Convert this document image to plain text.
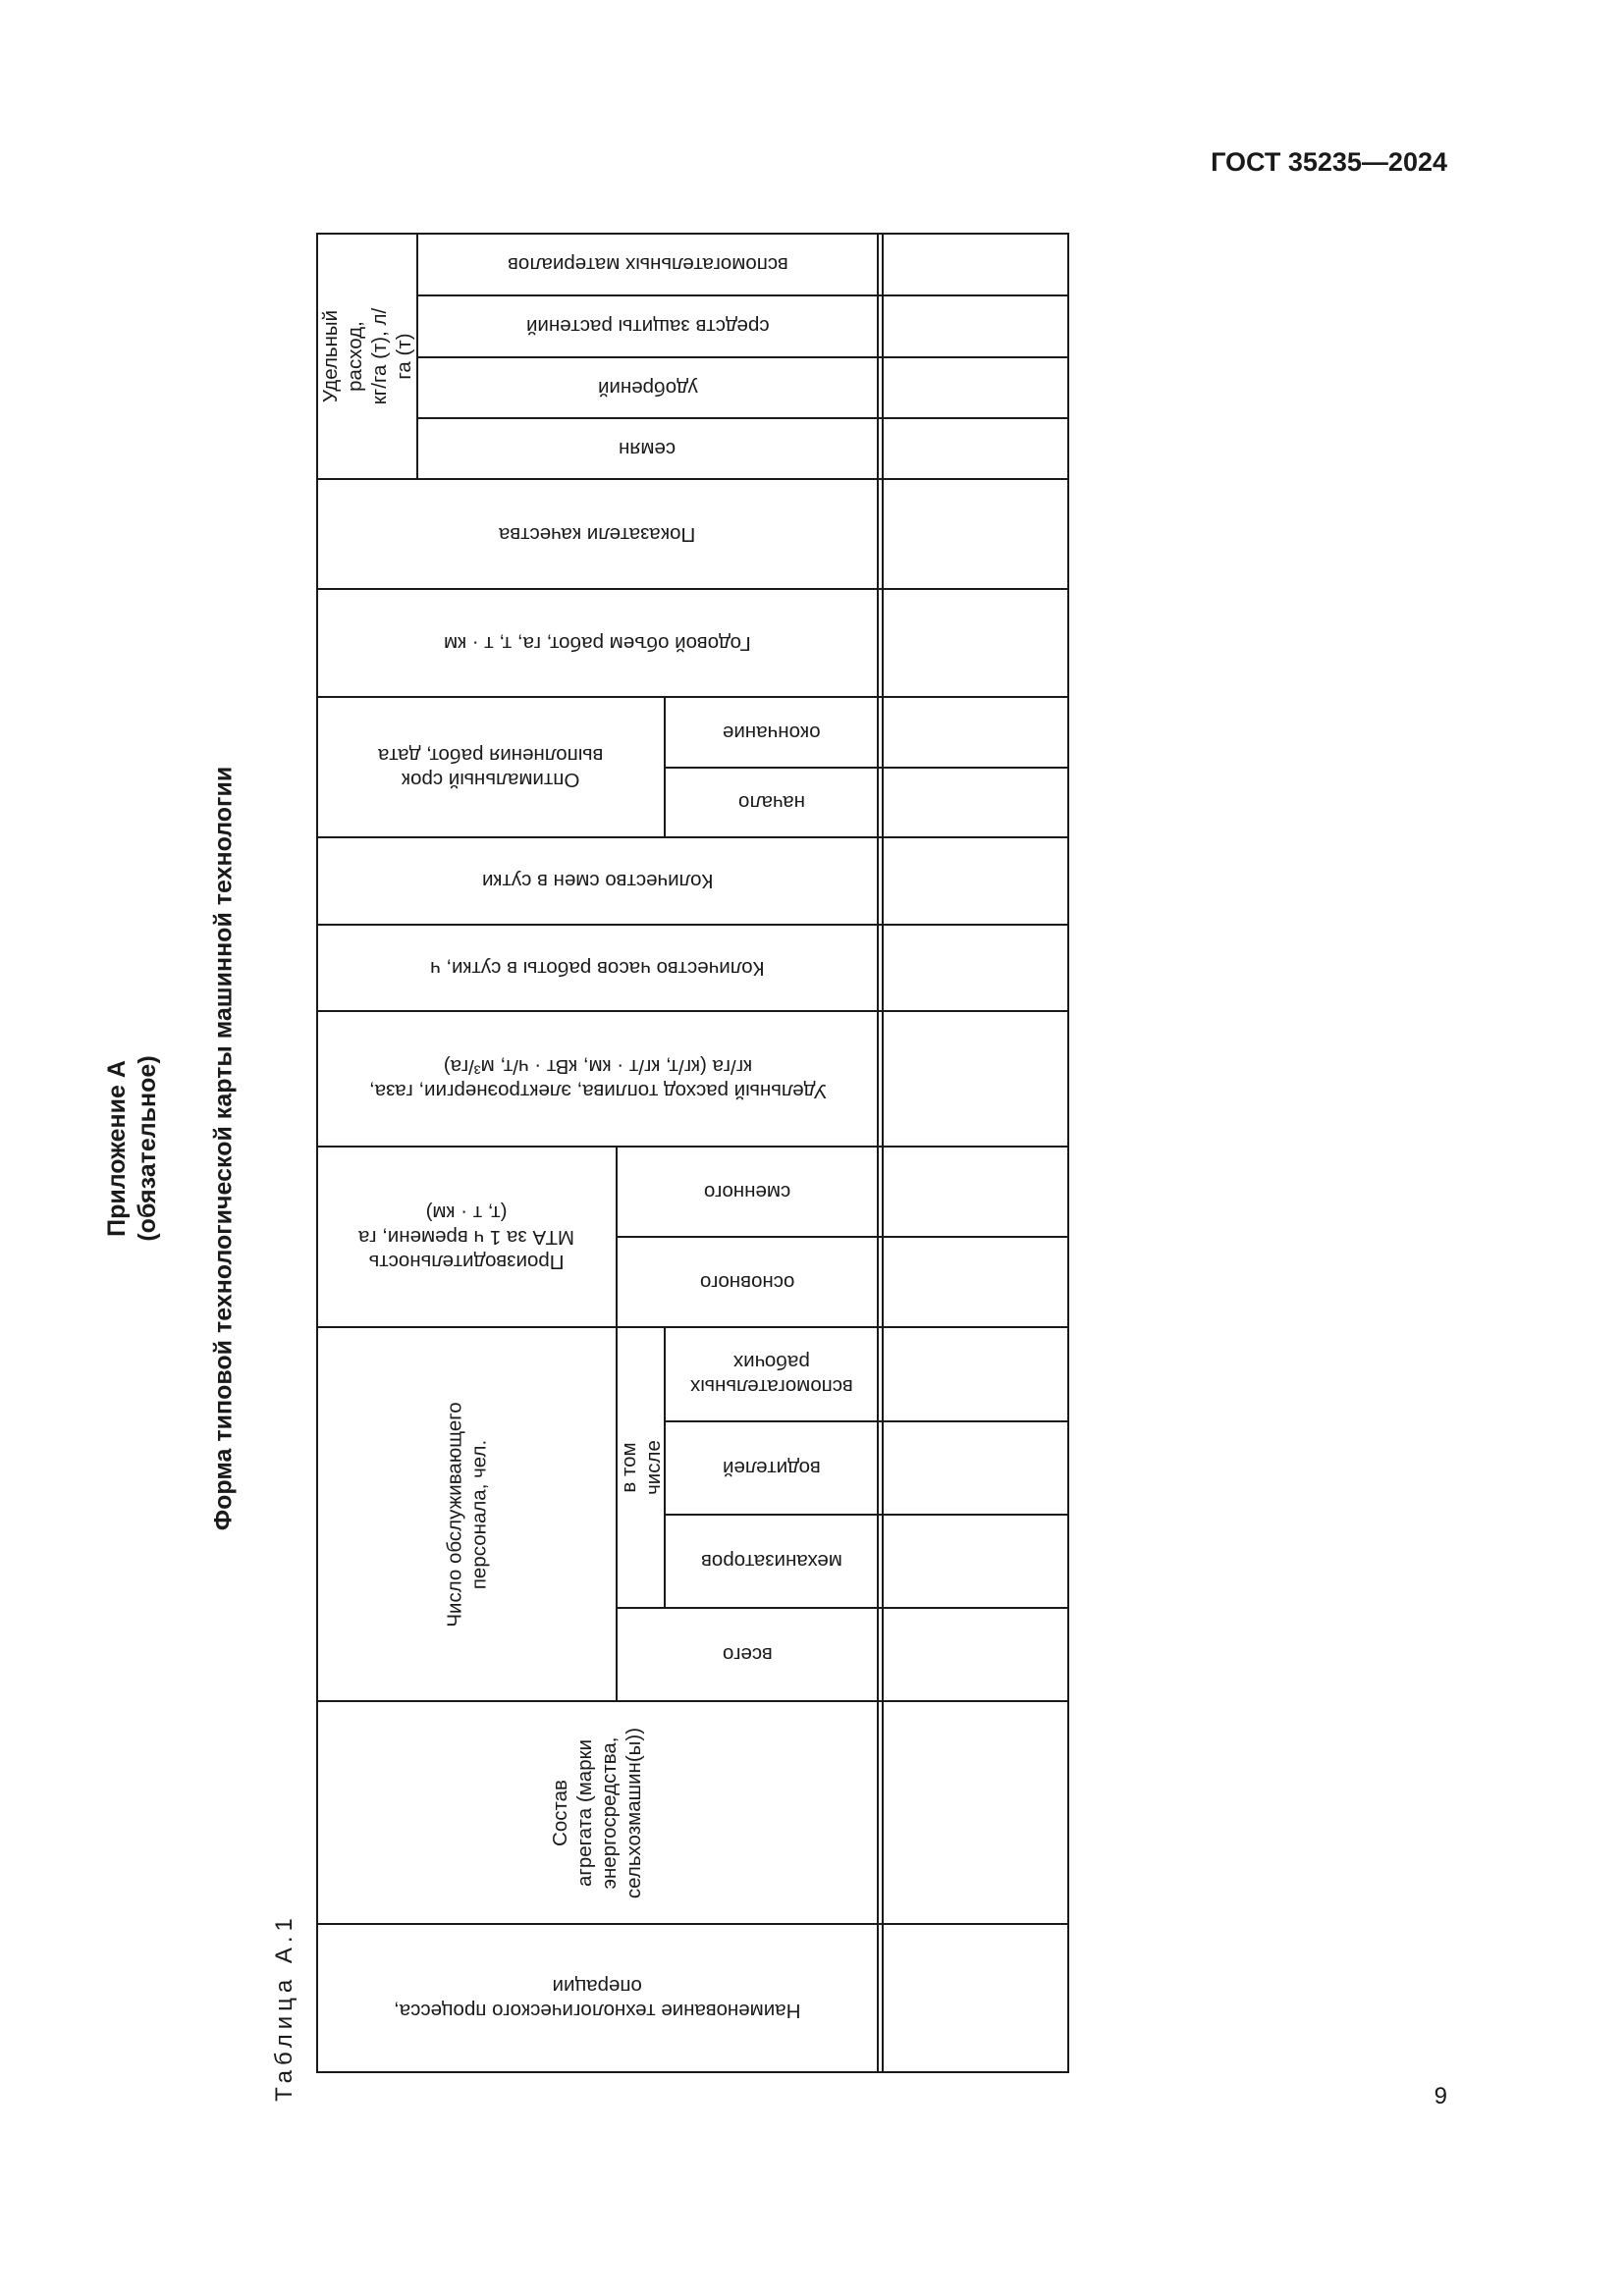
ГОСТ 35235—2024
Приложение А (обязательное) Форма типовой технологической карты машинной технологии
Таблица А.1
Удельный расход,
кг/га (т), л/га (т)
вспомогательных материалов
средств защиты растений
удобрений
семян
Показатели качества
Годовой объем работ, га, т, т · км
Оптимальный срок
выполнения работ, дата
окончание
начало
Количество смен в сутки
Количество часов работы в сутки, ч
Удельный расход топлива, электроэнергии, газа,
кг/га (кг/т, кг/т · км, кВт · ч/т, м³/га)
Производительность
МТА за 1 ч времени, га
(т, т · км)
сменного
основного
Число обслуживающего
персонала, чел.	в том числе
вспомогательных
рабочих
водителей
механизаторов
всего
Состав
агрегата (марки
энергосредства,
сельхозмашин(ы))
Наименование технологического процесса,
операции
9
